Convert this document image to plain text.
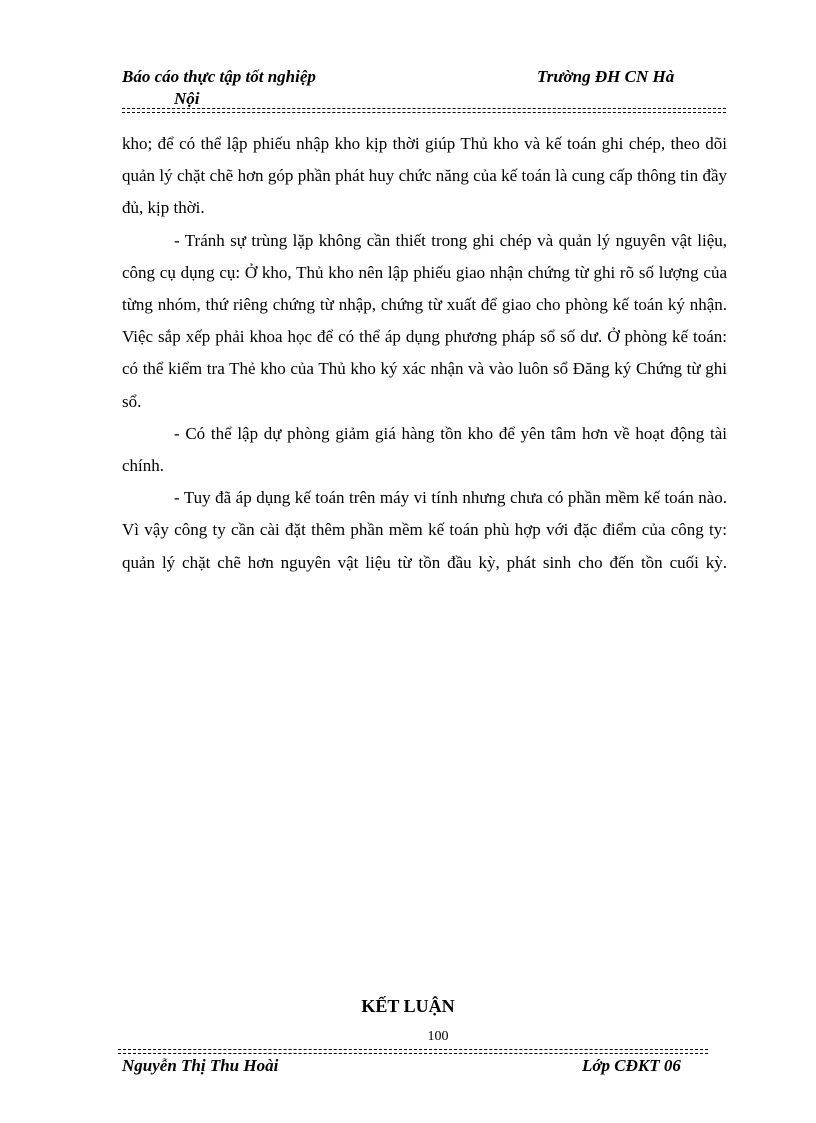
Báo cáo thực tập tốt nghiệp
Nội
Trường ĐH CN Hà

kho; để có thể lập phiếu nhập kho kịp thời giúp Thủ kho và kế toán ghi chép, theo dõi quản lý chặt chẽ hơn góp phần phát huy chức năng của kế toán là cung cấp thông tin đầy đủ, kịp thời.

- Tránh sự trùng lặp không cần thiết trong ghi chép và quản lý nguyên vật liệu, công cụ dụng cụ: Ở kho, Thủ kho nên lập phiếu giao nhận chứng từ ghi rõ số lượng của từng nhóm, thứ riêng chứng từ nhập, chứng từ xuất để giao cho phòng kế toán ký nhận. Việc sắp xếp phải khoa học để có thể áp dụng phương pháp sổ số dư. Ở phòng kế toán: có thể kiểm tra Thẻ kho của Thủ kho ký xác nhận và vào luôn sổ Đăng ký Chứng từ ghi sổ.

- Có thể lập dự phòng giảm giá hàng tồn kho để yên tâm hơn về hoạt động tài chính.

- Tuy đã áp dụng kế toán trên máy vi tính nhưng chưa có phần mềm kế toán nào. Vì vậy công ty cần cài đặt thêm phần mềm kế toán phù hợp với đặc điểm của công ty: quản lý chặt chẽ hơn nguyên vật liệu từ tồn đầu kỳ, phát sinh cho đến tồn cuối kỳ.

KẾT LUẬN
100
Nguyễn Thị Thu Hoài	Lớp CĐKT 06
